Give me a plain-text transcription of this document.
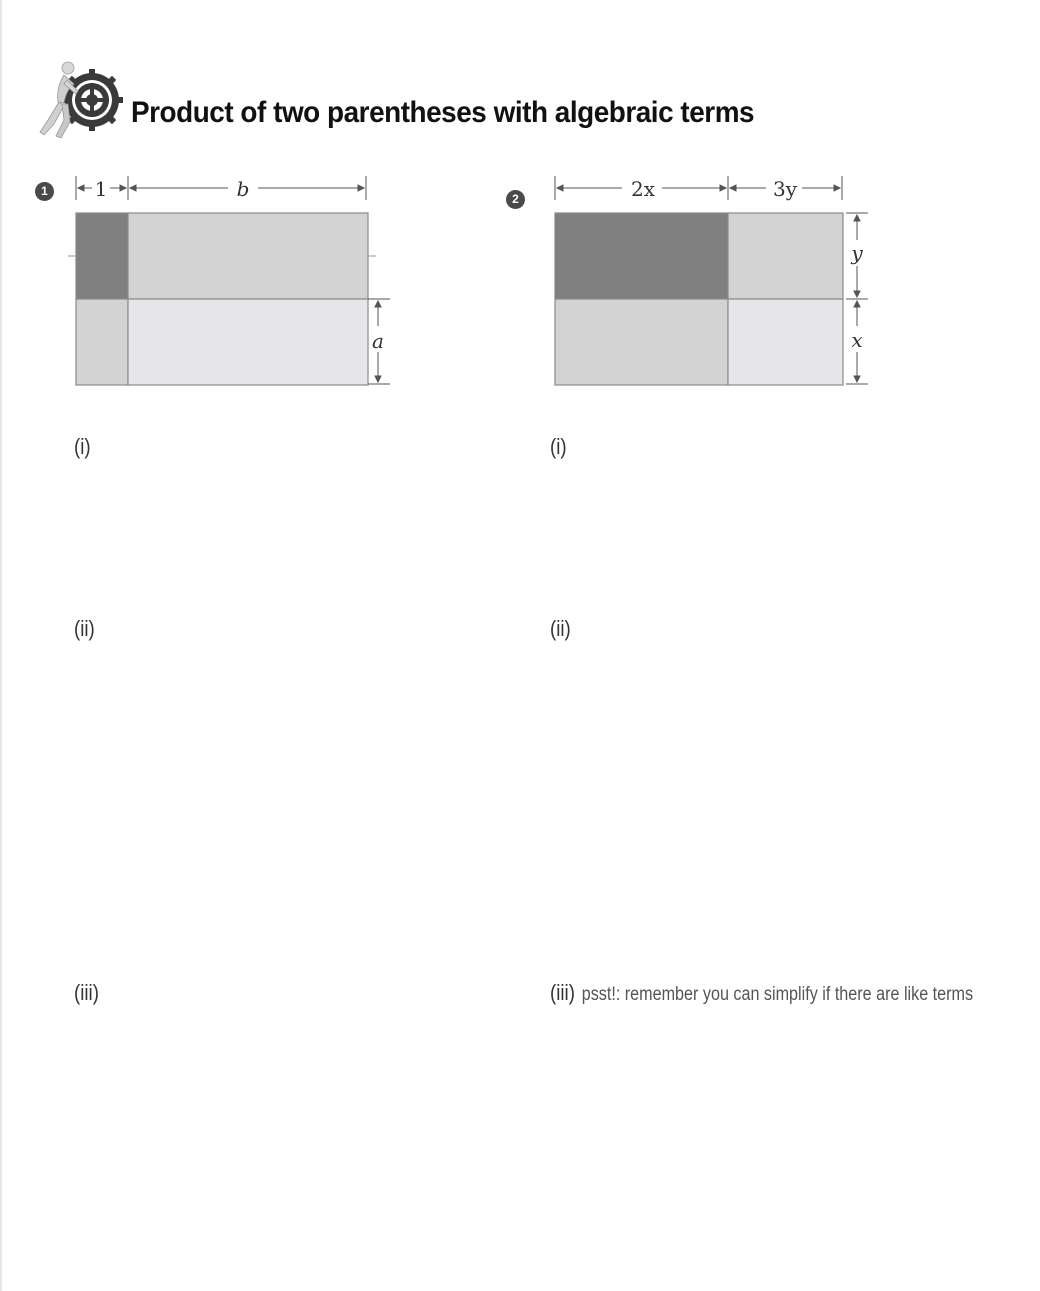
Product of two parentheses with algebraic terms
1	1	b
a
(i)
(ii)
(iii)
2	2x	3y
y
x
(i)
(ii)
(iii) psst!: remember you can simplify if there are like terms
